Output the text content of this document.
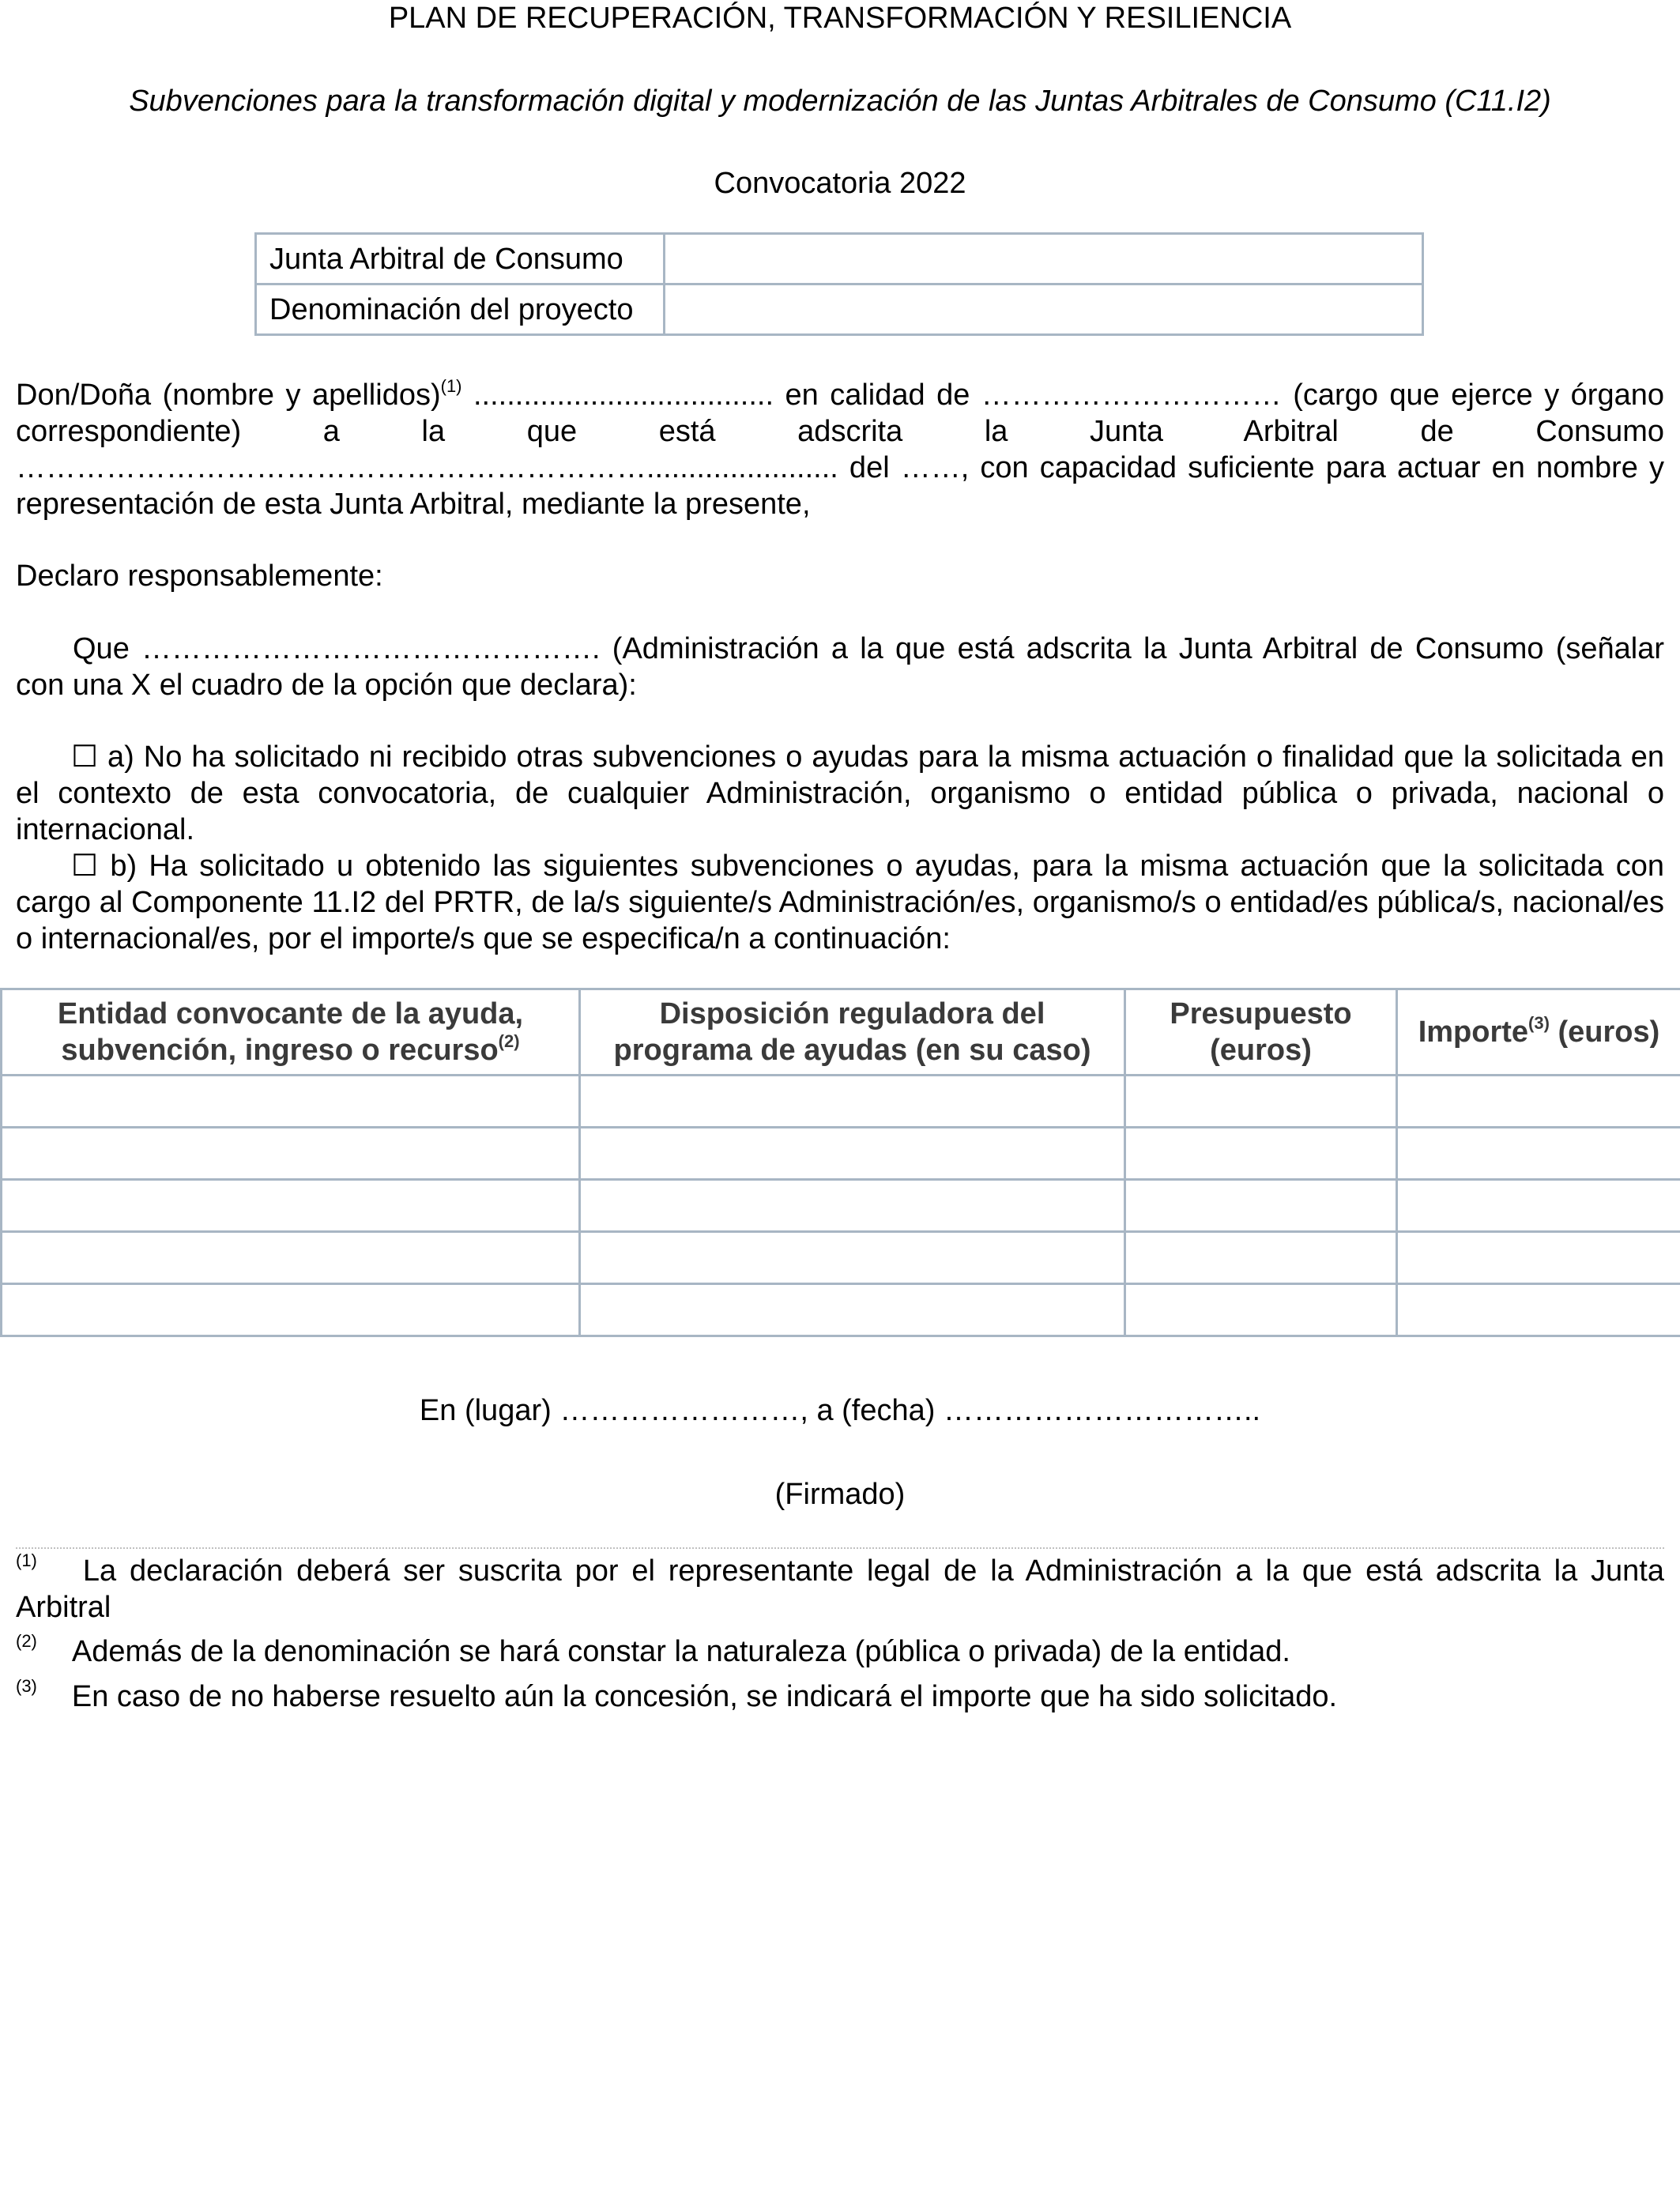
PLAN DE RECUPERACIÓN, TRANSFORMACIÓN Y RESILIENCIA
Subvenciones para la transformación digital y modernización de las Juntas Arbitrales de Consumo (C11.I2)
Convocatoria 2022
Junta Arbitral de Consumo	
Denominación del proyecto	
Don/Doña (nombre y apellidos)$^{(1)}$ .................................... en calidad de ………………………… (cargo que ejerce y órgano correspondiente) a la que está adscrita la Junta Arbitral de Consumo ………………………………………………………....................... del ……, con capacidad suficiente para actuar en nombre y representación de esta Junta Arbitral, mediante la presente,
Declaro responsablemente:
Que ………………………………………. (Administración a la que está adscrita la Junta Arbitral de Consumo (señalar con una X el cuadro de la opción que declara):
☐ a) No ha solicitado ni recibido otras subvenciones o ayudas para la misma actuación o finalidad que la solicitada en el contexto de esta convocatoria, de cualquier Administración, organismo o entidad pública o privada, nacional o internacional.
☐ b) Ha solicitado u obtenido las siguientes subvenciones o ayudas, para la misma actuación que la solicitada con cargo al Componente 11.I2 del PRTR, de la/s siguiente/s Administración/es, organismo/s o entidad/es pública/s, nacional/es o internacional/es, por el importe/s que se especifica/n a continuación:
Entidad convocante de la ayuda, subvención, ingreso o recurso$^{(2)}$	Disposición reguladora del programa de ayudas (en su caso)	Presupuesto (euros)	Importe$^{(3)}$ (euros)

En (lugar) ……………………, a (fecha) …………………………..
(Firmado)
$^{(1)}$ La declaración deberá ser suscrita por el representante legal de la Administración a la que está adscrita la Junta Arbitral
$^{(2)}$ Además de la denominación se hará constar la naturaleza (pública o privada) de la entidad.
$^{(3)}$ En caso de no haberse resuelto aún la concesión, se indicará el importe que ha sido solicitado.
